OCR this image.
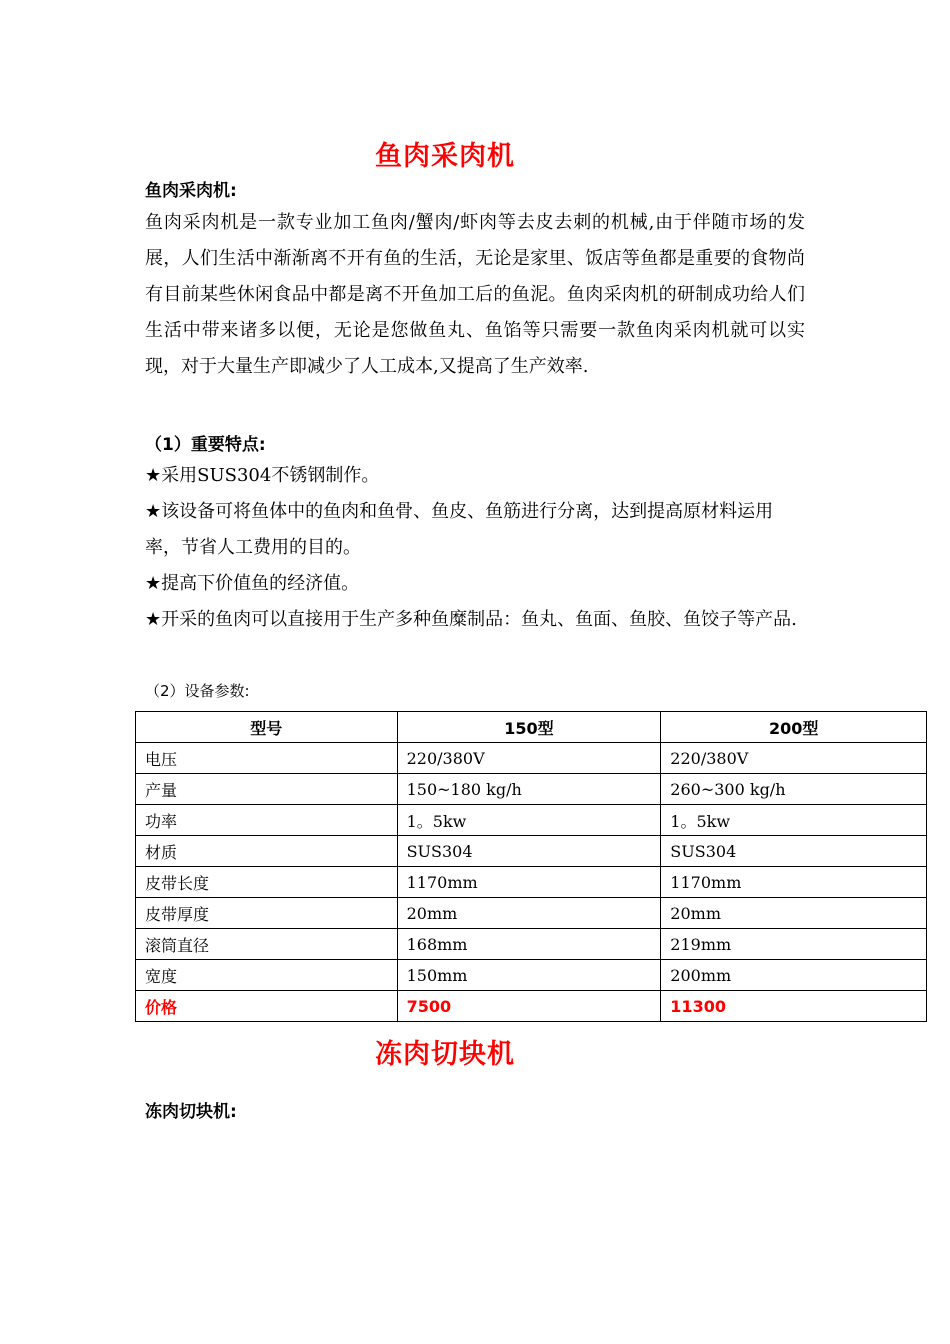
鱼肉采肉机
鱼肉采肉机:

鱼肉采肉机是一款专业加工鱼肉/蟹肉/虾肉等去皮去刺的机械,由于伴随市场的发展，人们生活中渐渐离不开有鱼的生活，无论是家里、饭店等鱼都是重要的食物尚有目前某些休闲食品中都是离不开鱼加工后的鱼泥。鱼肉采肉机的研制成功给人们生活中带来诸多以便，无论是您做鱼丸、鱼馅等只需要一款鱼肉采肉机就可以实现，对于大量生产即减少了人工成本,又提高了生产效率.

（1）重要特点:
★采用SUS304不锈钢制作。
★该设备可将鱼体中的鱼肉和鱼骨、鱼皮、鱼筋进行分离，达到提高原材料运用率，节省人工费用的目的。
★提高下价值鱼的经济值。
★开采的鱼肉可以直接用于生产多种鱼糜制品：鱼丸、鱼面、鱼胶、鱼饺子等产品.
（2）设备参数:
型号	150型	200型
电压	220/380V	220/380V
产量	150~180 kg/h	260~300 kg/h
功率	1。5kw	1。5kw
材质	SUS304	SUS304
皮带长度	1170mm	1170mm
皮带厚度	20mm	20mm
滚筒直径	168mm	219mm
宽度	150mm	200mm
价格	7500	11300
冻肉切块机
冻肉切块机:
